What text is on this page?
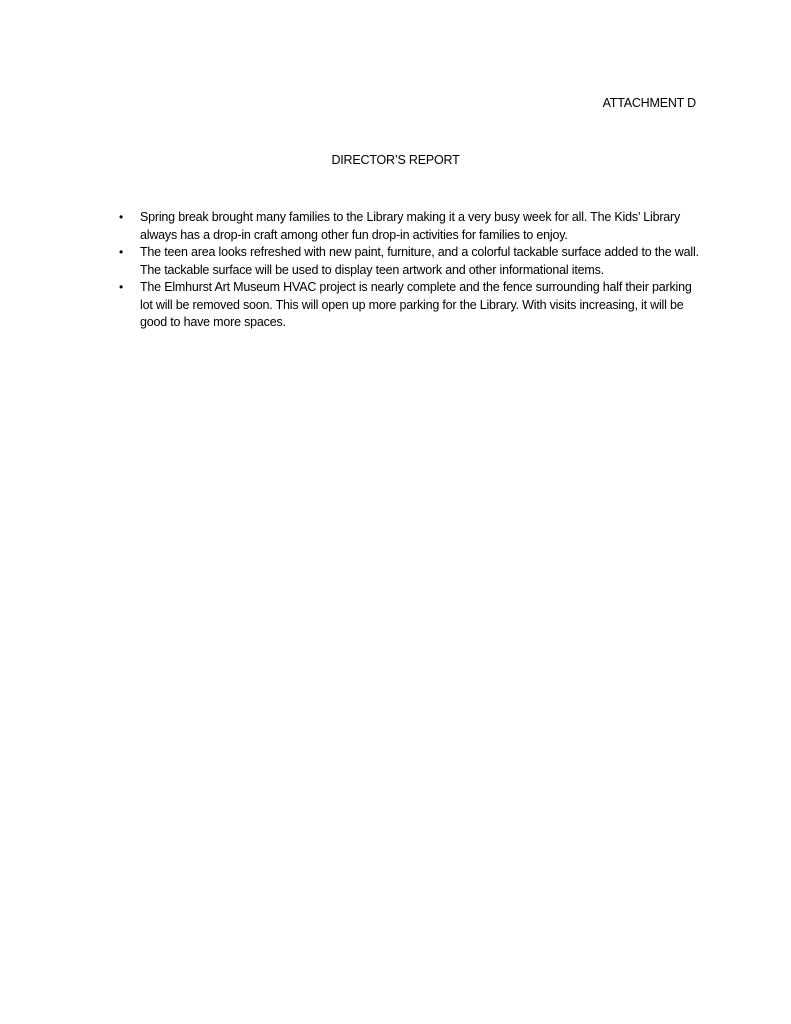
ATTACHMENT D
DIRECTOR’S REPORT
• Spring break brought many families to the Library making it a very busy week for all. The Kids’ Library always has a drop-in craft among other fun drop-in activities for families to enjoy.
• The teen area looks refreshed with new paint, furniture, and a colorful tackable surface added to the wall. The tackable surface will be used to display teen artwork and other informational items.
• The Elmhurst Art Museum HVAC project is nearly complete and the fence surrounding half their parking lot will be removed soon. This will open up more parking for the Library. With visits increasing, it will be good to have more spaces.
